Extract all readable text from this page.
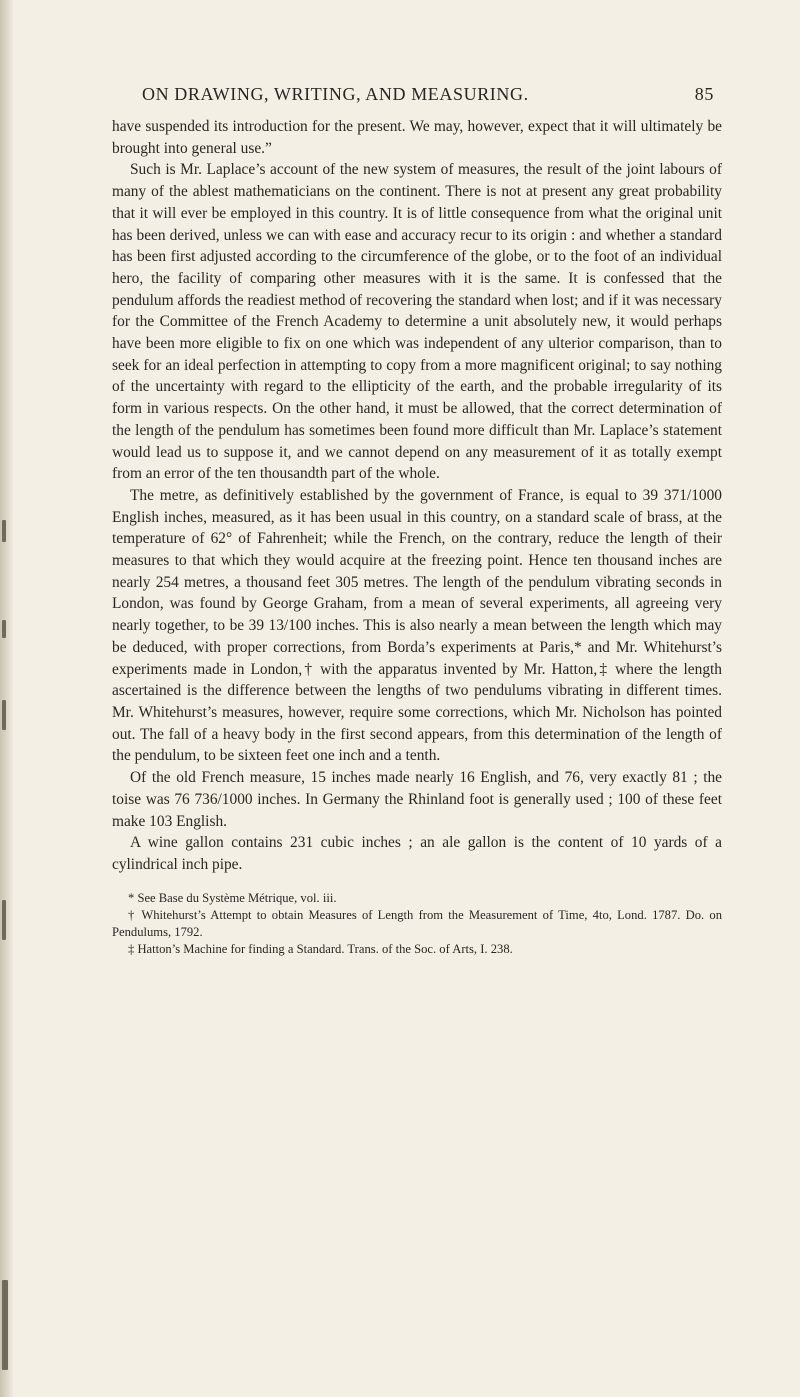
ON DRAWING, WRITING, AND MEASURING.	85

have suspended its introduction for the present. We may, however, expect that it will ultimately be brought into general use.”

Such is Mr. Laplace’s account of the new system of measures, the result of the joint labours of many of the ablest mathematicians on the continent. There is not at present any great probability that it will ever be employed in this country. It is of little consequence from what the original unit has been derived, unless we can with ease and accuracy recur to its origin : and whether a standard has been first adjusted according to the circumference of the globe, or to the foot of an individual hero, the facility of comparing other measures with it is the same. It is confessed that the pendulum affords the readiest method of recovering the standard when lost; and if it was necessary for the Committee of the French Academy to determine a unit absolutely new, it would perhaps have been more eligible to fix on one which was independent of any ulterior comparison, than to seek for an ideal perfection in attempting to copy from a more magnificent original; to say nothing of the uncertainty with regard to the ellipticity of the earth, and the probable irregularity of its form in various respects. On the other hand, it must be allowed, that the correct determination of the length of the pendulum has sometimes been found more difficult than Mr. Laplace’s statement would lead us to suppose it, and we cannot depend on any measurement of it as totally exempt from an error of the ten thousandth part of the whole.

The metre, as definitively established by the government of France, is equal to 39 371/1000 English inches, measured, as it has been usual in this country, on a standard scale of brass, at the temperature of 62° of Fahrenheit; while the French, on the contrary, reduce the length of their measures to that which they would acquire at the freezing point. Hence ten thousand inches are nearly 254 metres, a thousand feet 305 metres. The length of the pendulum vibrating seconds in London, was found by George Graham, from a mean of several experiments, all agreeing very nearly together, to be 39 13/100 inches. This is also nearly a mean between the length which may be deduced, with proper corrections, from Borda’s experiments at Paris,* and Mr. Whitehurst’s experiments made in London,† with the apparatus invented by Mr. Hatton,‡ where the length ascertained is the difference between the lengths of two pendulums vibrating in different times. Mr. Whitehurst’s measures, however, require some corrections, which Mr. Nicholson has pointed out. The fall of a heavy body in the first second appears, from this determination of the length of the pendulum, to be sixteen feet one inch and a tenth.

Of the old French measure, 15 inches made nearly 16 English, and 76, very exactly 81 ; the toise was 76 736/1000 inches. In Germany the Rhinland foot is generally used ; 100 of these feet make 103 English.

A wine gallon contains 231 cubic inches ; an ale gallon is the content of 10 yards of a cylindrical inch pipe.

* See Base du Système Métrique, vol. iii.

† Whitehurst’s Attempt to obtain Measures of Length from the Measurement of Time, 4to, Lond. 1787. Do. on Pendulums, 1792.

‡ Hatton’s Machine for finding a Standard. Trans. of the Soc. of Arts, I. 238.
